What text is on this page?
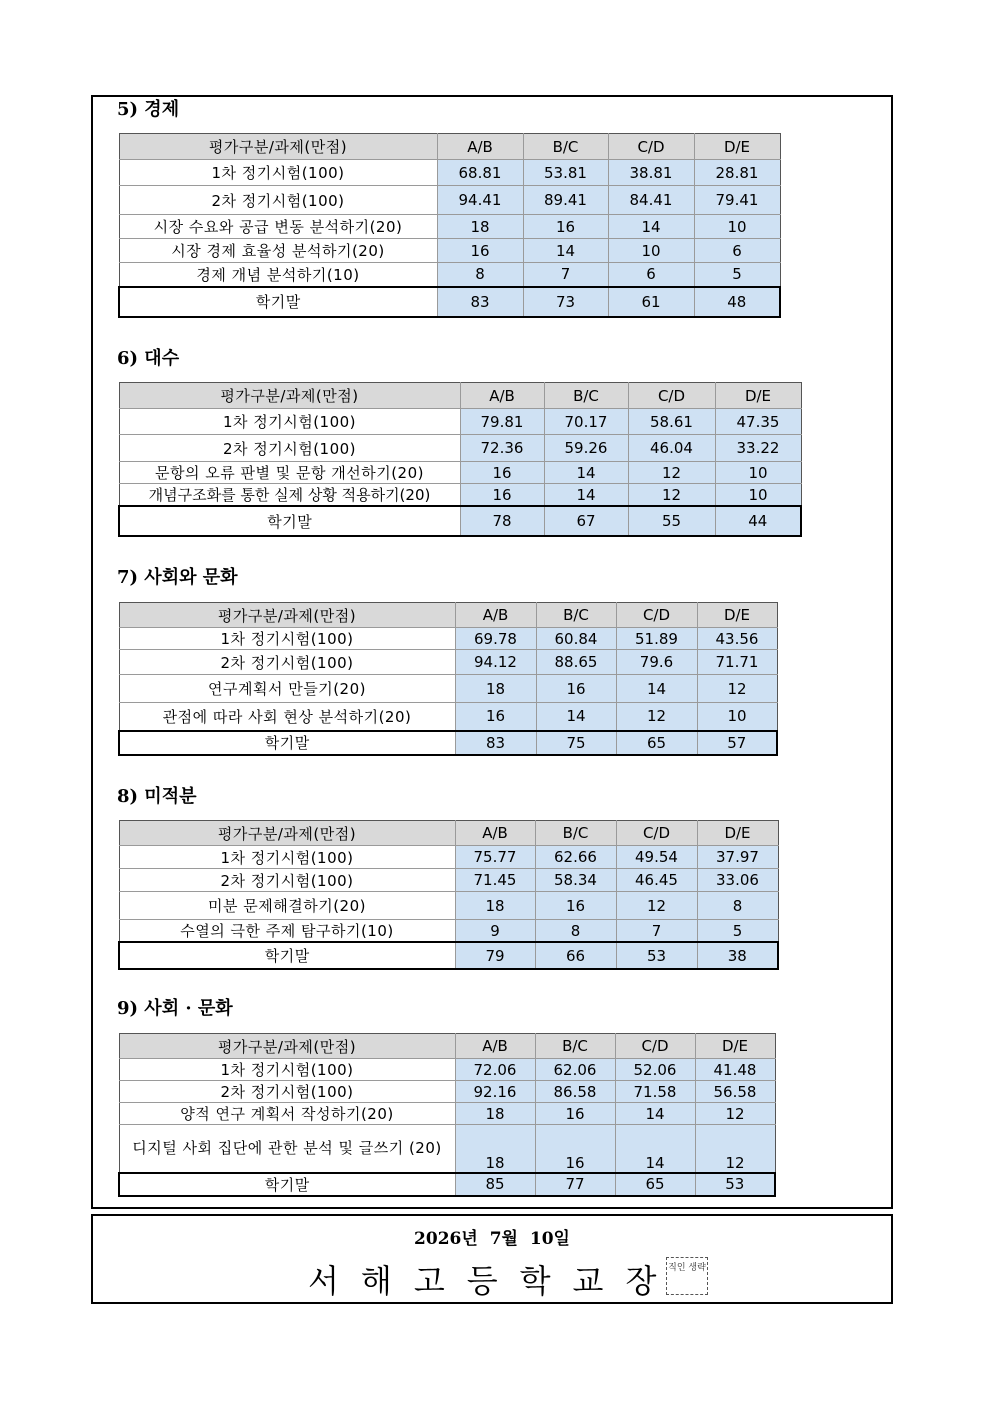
5) 경제
평가구분/과제(만점)	A/B	B/C	C/D	D/E
1차 정기시험(100)	68.81	53.81	38.81	28.81
2차 정기시험(100)	94.41	89.41	84.41	79.41
시장 수요와 공급 변동 분석하기(20)	18	16	14	10
시장 경제 효율성 분석하기(20)	16	14	10	6
경제 개념 분석하기(10)	8	7	6	5
학기말	83	73	61	48
6) 대수
평가구분/과제(만점)	A/B	B/C	C/D	D/E
1차 정기시험(100)	79.81	70.17	58.61	47.35
2차 정기시험(100)	72.36	59.26	46.04	33.22
문항의 오류 판별 및 문항 개선하기(20)	16	14	12	10
개념구조화를 통한 실제 상황 적용하기(20)	16	14	12	10
학기말	78	67	55	44
7) 사회와 문화
평가구분/과제(만점)	A/B	B/C	C/D	D/E
1차 정기시험(100)	69.78	60.84	51.89	43.56
2차 정기시험(100)	94.12	88.65	79.6	71.71
연구계획서 만들기(20)	18	16	14	12
관점에 따라 사회 현상 분석하기(20)	16	14	12	10
학기말	83	75	65	57
8) 미적분
평가구분/과제(만점)	A/B	B/C	C/D	D/E
1차 정기시험(100)	75.77	62.66	49.54	37.97
2차 정기시험(100)	71.45	58.34	46.45	33.06
미분 문제해결하기(20)	18	16	12	8
수열의 극한 주제 탐구하기(10)	9	8	7	5
학기말	79	66	53	38
9) 사회 · 문화
평가구분/과제(만점)	A/B	B/C	C/D	D/E
1차 정기시험(100)	72.06	62.06	52.06	41.48
2차 정기시험(100)	92.16	86.58	71.58	56.58
양적 연구 계획서 작성하기(20)	18	16	14	12
디지털 사회 집단에 관한 분석 및 글쓰기 (20)	18	16	14	12
학기말	85	77	65	53
2026년 7월 10일
서해고등학교장
직인 생략
